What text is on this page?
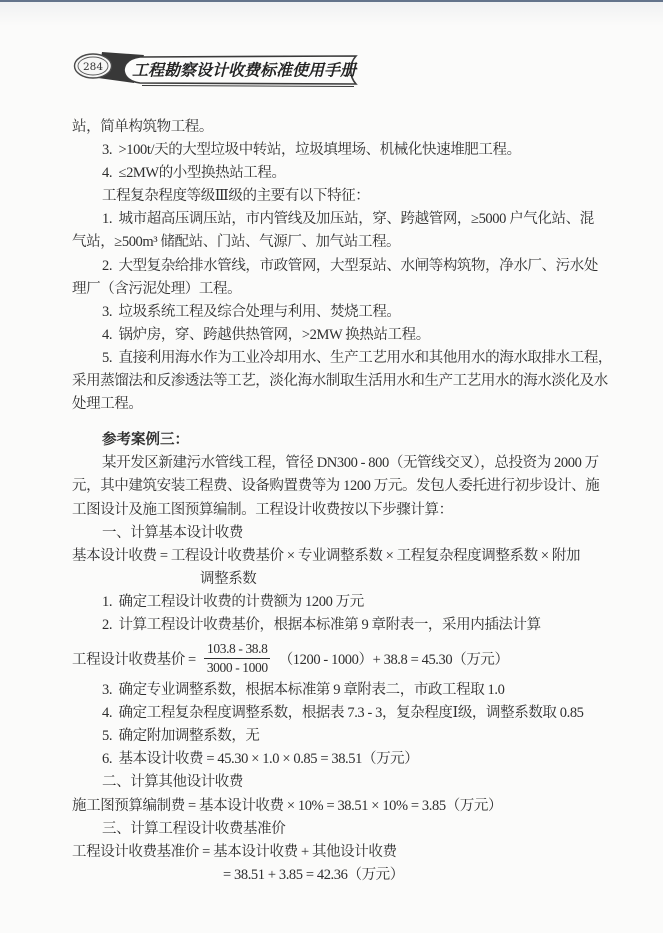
284 工程勘察设计收费标准使用手册
站，简单构筑物工程。
3.  >100t/天的大型垃圾中转站，垃圾填埋场、机械化快速堆肥工程。
4.  ≤2MW的小型换热站工程。
工程复杂程度等级Ⅲ级的主要有以下特征：
1.  城市超高压调压站，市内管线及加压站，穿、跨越管网，≥5000 户气化站、混
气站，≥500m³ 储配站、门站、气源厂、加气站工程。
2.  大型复杂给排水管线，市政管网，大型泵站、水闸等构筑物，净水厂、污水处
理厂（含污泥处理）工程。
3.  垃圾系统工程及综合处理与利用、焚烧工程。
4.  锅炉房，穿、跨越供热管网，>2MW 换热站工程。
5.  直接利用海水作为工业冷却用水、生产工艺用水和其他用水的海水取排水工程，
采用蒸馏法和反渗透法等工艺，淡化海水制取生活用水和生产工艺用水的海水淡化及水
处理工程。
参考案例三：
某开发区新建污水管线工程，管径 DN300 - 800（无管线交叉），总投资为 2000 万
元，其中建筑安装工程费、设备购置费等为 1200 万元。发包人委托进行初步设计、施
工图设计及施工图预算编制。工程设计收费按以下步骤计算：
一、计算基本设计收费
基本设计收费 = 工程设计收费基价 × 专业调整系数 × 工程复杂程度调整系数 × 附加
调整系数
1.  确定工程设计收费的计费额为 1200 万元
2.  计算工程设计收费基价，根据本标准第 9 章附表一，采用内插法计算
工程设计收费基价 = $\frac{103.8 - 38.8}{3000 - 1000} (1200 - 1000)+ 38.8 = 45.30$（万元）
3.  确定专业调整系数，根据本标准第 9 章附表二，市政工程取 1.0
4.  确定工程复杂程度调整系数，根据表 7.3 - 3，复杂程度Ⅰ级，调整系数取 0.85
5.  确定附加调整系数，无
6.  基本设计收费 = 45.30 × 1.0 × 0.85 = 38.51（万元）
二、计算其他设计收费
施工图预算编制费 = 基本设计收费 × 10% = 38.51 × 10% = 3.85（万元）
三、计算工程设计收费基准价
工程设计收费基准价 = 基本设计收费 + 其他设计收费
= 38.51 + 3.85 = 42.36（万元）
